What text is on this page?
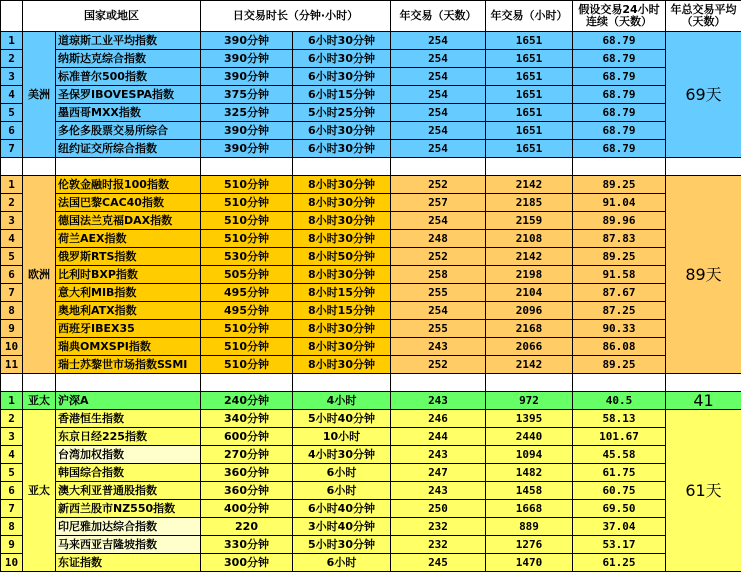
	国家或地区		日交易时长（分钟·小时）		年交易（天数）	年交易（小时）	假设交易24小时连续（天数）	年总交易平均（天数）
1	美洲	道琼斯工业平均指数	390分钟	6小时30分钟	254	1651	68.79	69天
2		纳斯达克综合指数	390分钟	6小时30分钟	254	1651	68.79	
3		标准普尔500指数	390分钟	6小时30分钟	254	1651	68.79	
4		圣保罗IBOVESPA指数	375分钟	6小时15分钟	254	1651	68.79	
5		墨西哥MXX指数	325分钟	5小时25分钟	254	1651	68.79	
6		多伦多股票交易所综合	390分钟	6小时30分钟	254	1651	68.79	
7		纽约证交所综合指数	390分钟	6小时30分钟	254	1651	68.79	

1	欧洲	伦敦金融时报100指数	510分钟	8小时30分钟	252	2142	89.25	89天
2		法国巴黎CAC40指数	510分钟	8小时30分钟	257	2185	91.04	
3		德国法兰克福DAX指数	510分钟	8小时30分钟	254	2159	89.96	
4		荷兰AEX指数	510分钟	8小时30分钟	248	2108	87.83	
5		俄罗斯RTS指数	530分钟	8小时50分钟	252	2142	89.25	
6		比利时BXP指数	505分钟	8小时30分钟	258	2198	91.58	
7		意大利MIB指数	495分钟	8小时15分钟	255	2104	87.67	
8		奥地利ATX指数	495分钟	8小时15分钟	254	2096	87.25	
9		西班牙IBEX35	510分钟	8小时30分钟	255	2168	90.33	
10		瑞典OMXSPI指数	510分钟	8小时30分钟	243	2066	86.08	
11		瑞士苏黎世市场指数SSMI	510分钟	8小时30分钟	252	2142	89.25	

1	亚太	沪深A	240分钟	4小时	243	972	40.5	41
2	亚太	香港恒生指数	340分钟	5小时40分钟	246	1395	58.13	61天
3		东京日经225指数	600分钟	10小时	244	2440	101.67	
4		台湾加权指数	270分钟	4小时30分钟	243	1094	45.58	
5		韩国综合指数	360分钟	6小时	247	1482	61.75	
6		澳大利亚普通股指数	360分钟	6小时	243	1458	60.75	
7		新西兰股市NZ550指数	400分钟	6小时40分钟	250	1668	69.50	
8		印尼雅加达综合指数	220	3小时40分钟	232	889	37.04	
9		马来西亚吉隆坡指数	330分钟	5小时30分钟	232	1276	53.17	
10		东证指数	300分钟	6小时	245	1470	61.25	
